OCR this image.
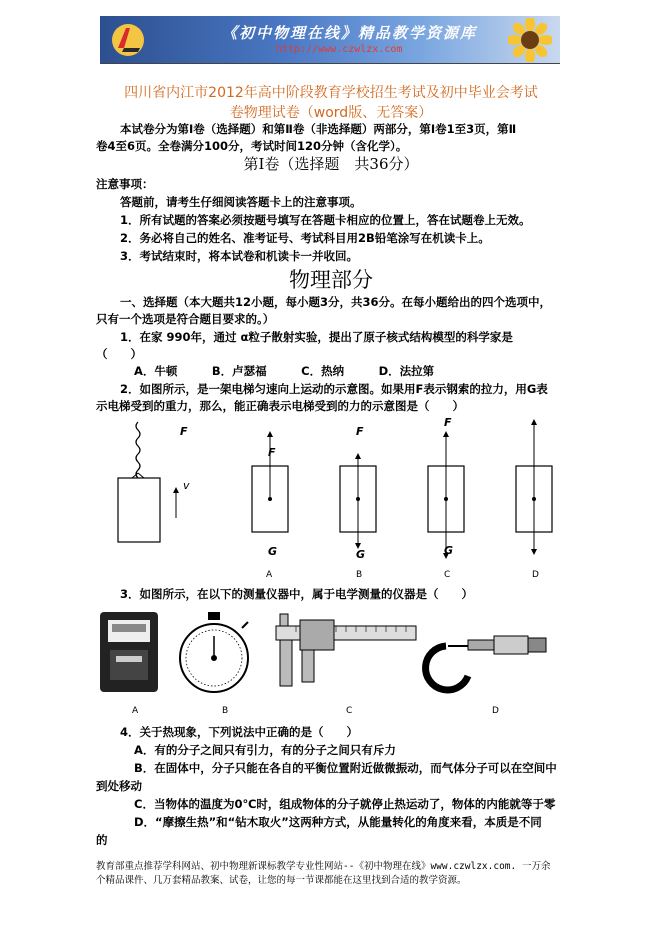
《初中物理在线》精品教学资源库
http://www.czwlzx.com
四川省内江市2012年高中阶段教育学校招生考试及初中毕业会考试
卷物理试卷（word版、无答案）
本试卷分为第Ⅰ卷（选择题）和第Ⅱ卷（非选择题）两部分，第Ⅰ卷1至3页，第Ⅱ
卷4至6页。全卷满分100分，考试时间120分钟（含化学）。
第Ⅰ卷（选择题　共36分）
注意事项：
答题前，请考生仔细阅读答题卡上的注意事项。
1．所有试题的答案必须按题号填写在答题卡相应的位置上，答在试题卷上无效。
2．务必将自己的姓名、准考证号、考试科目用2B铅笔涂写在机读卡上。
3．考试结束时，将本试卷和机读卡一并收回。
物理部分
一、选择题（本大题共12小题，每小题3分，共36分。在每小题给出的四个选项中，
只有一个选项是符合题目要求的。）
1．在家 990年，通过 α粒子散射实验，提出了原子核式结构模型的科学家是
（　　）
A．牛顿　　　B．卢瑟福　　　C．热纳　　　D．法拉第
2．如图所示，是一架电梯匀速向上运动的示意图。如果用F表示钢索的拉力，用G表
示电梯受到的重力，那么，能正确表示电梯受到的力的示意图是（　　）
F
F
G
F
G
F
G
v
A	B	C	D
3．如图所示，在以下的测量仪器中，属于电学测量的仪器是（　　）
A	B	C	D
4．关于热现象，下列说法中正确的是（　　）
A．有的分子之间只有引力，有的分子之间只有斥力
B．在固体中，分子只能在各自的平衡位置附近做微振动，而气体分子可以在空间中
到处移动
C．当物体的温度为0℃时，组成物体的分子就停止热运动了，物体的内能就等于零
D．“摩擦生热”和“钻木取火”这两种方式，从能量转化的角度来看，本质是不同
的
教育部重点推荐学科网站、初中物理新课标教学专业性网站--《初中物理在线》www.czwlzx.com. 一万余
个精品课件、几万套精品教案、试卷，让您的每一节课都能在这里找到合适的教学资源。
